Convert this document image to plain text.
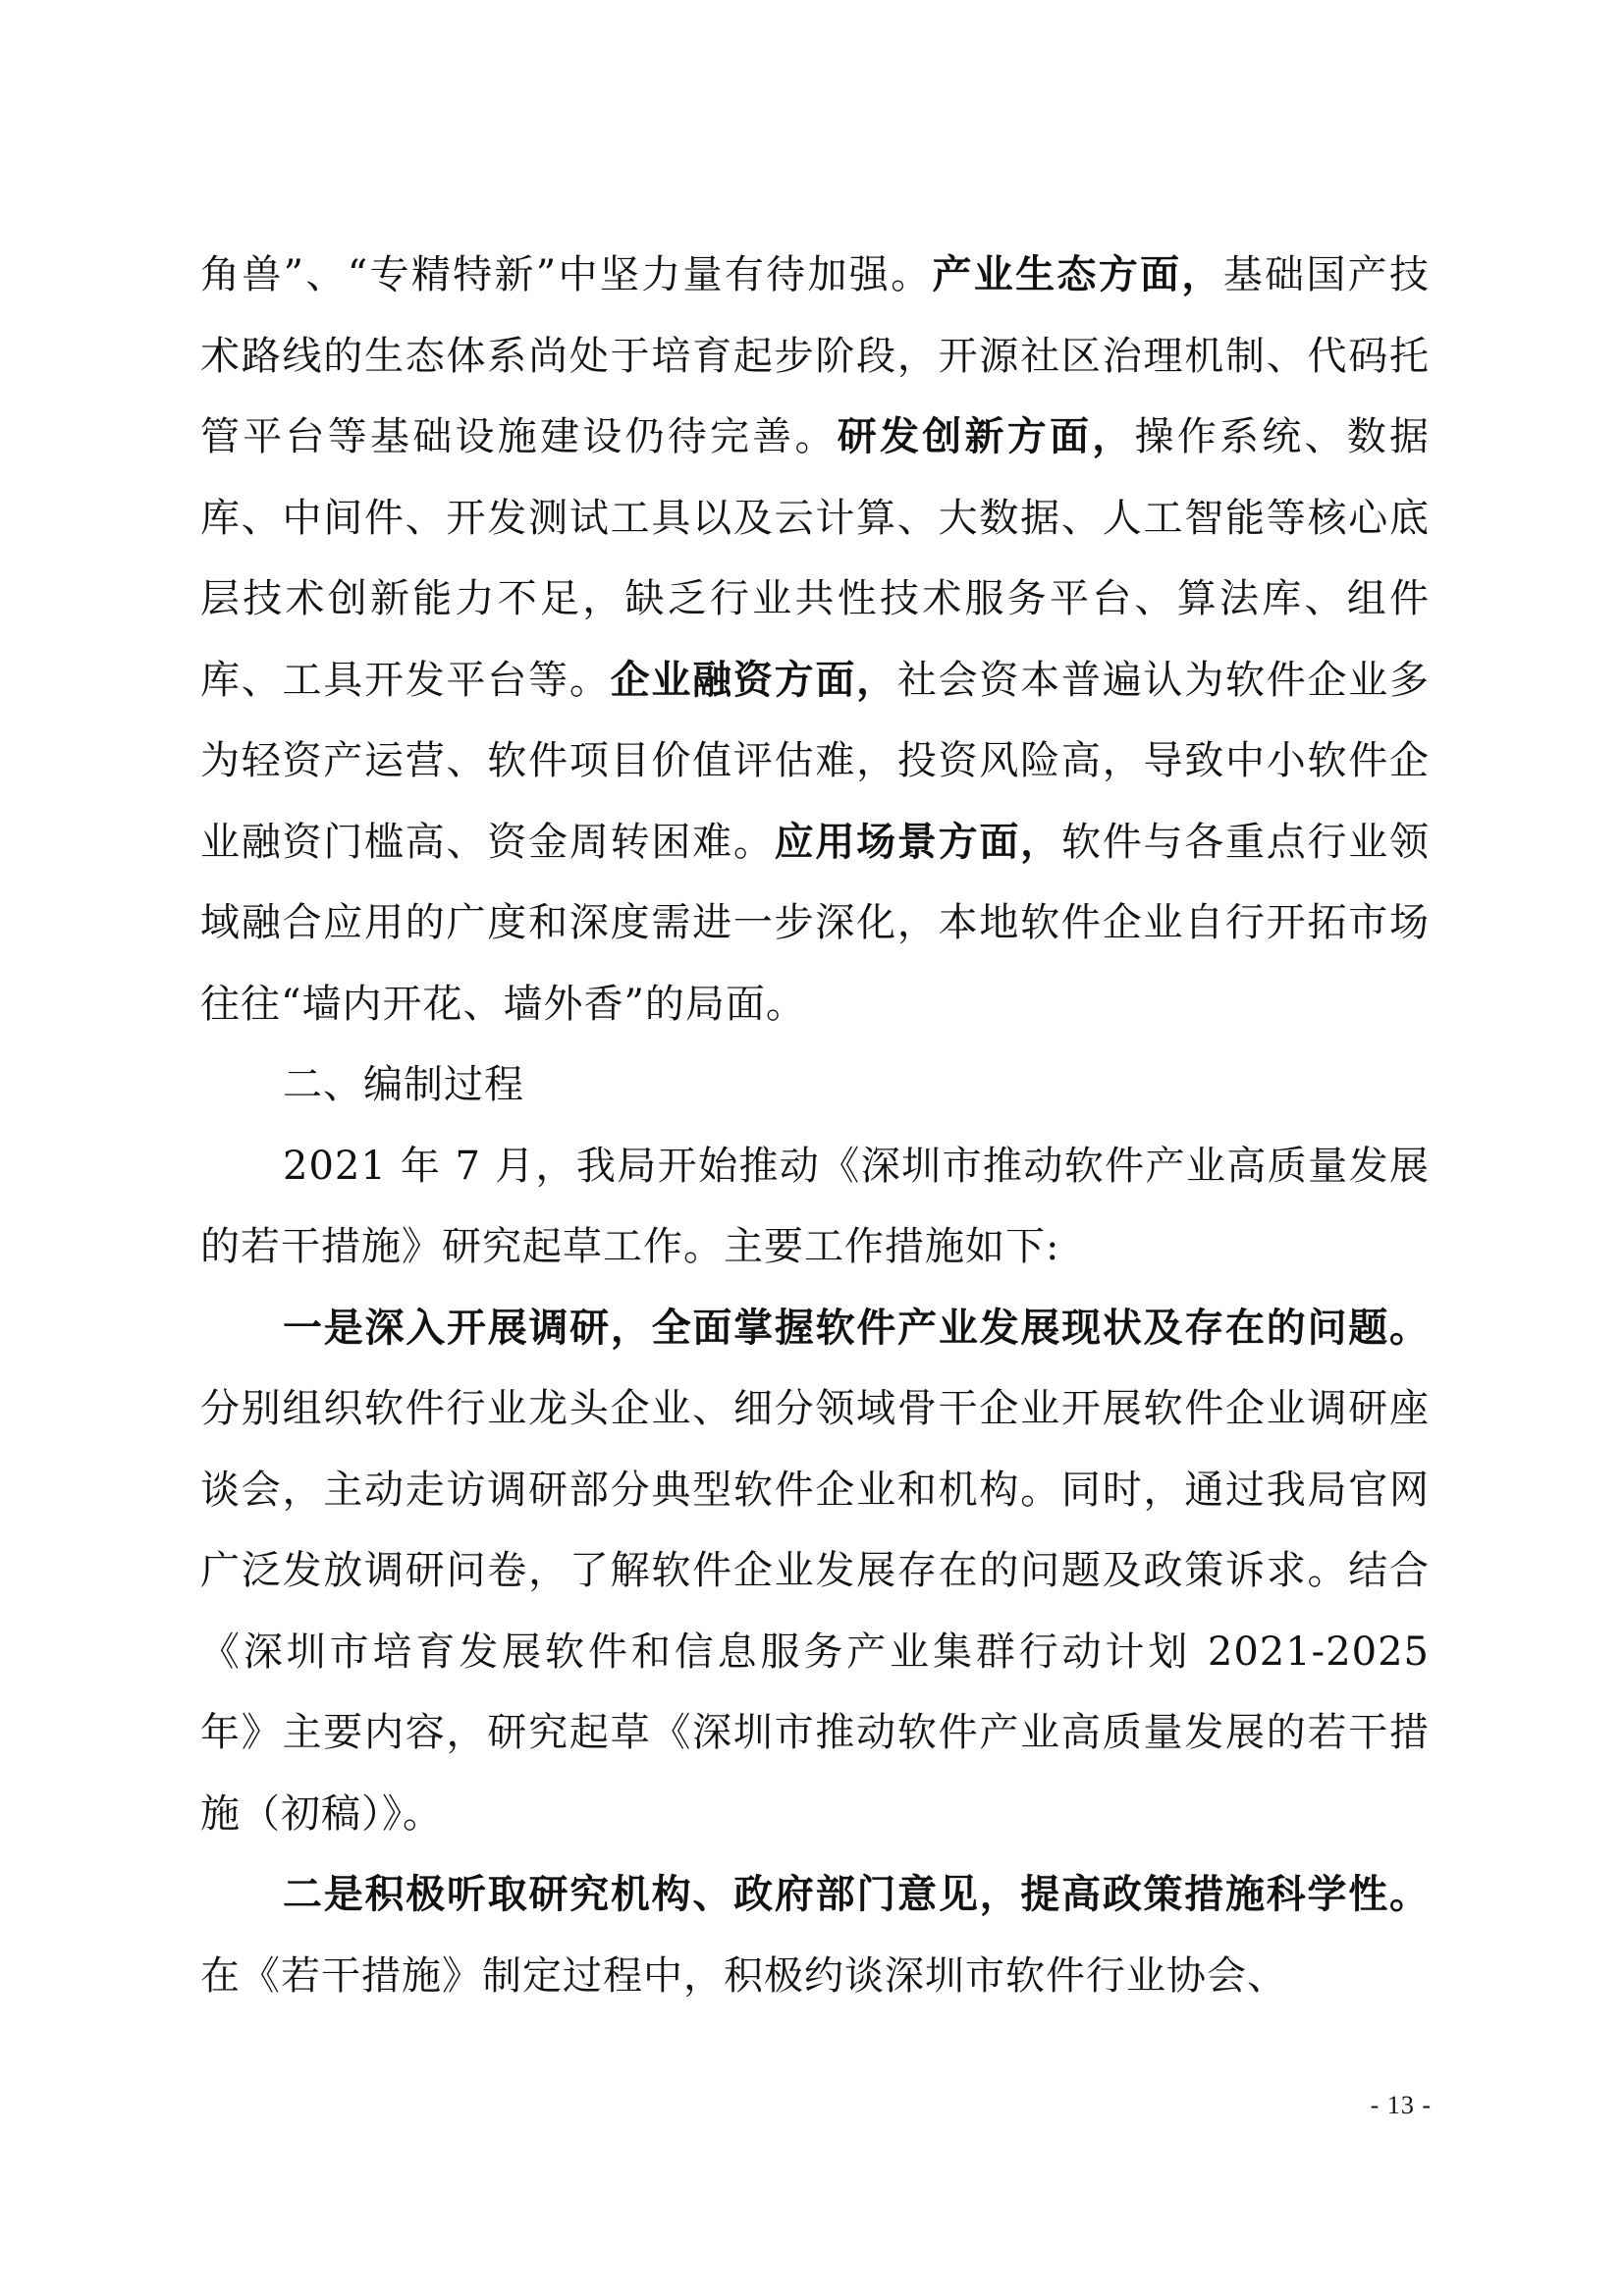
角兽”、“专精特新”中坚力量有待加强。产业生态方面，基础国产技术路线的生态体系尚处于培育起步阶段，开源社区治理机制、代码托管平台等基础设施建设仍待完善。研发创新方面，操作系统、数据库、中间件、开发测试工具以及云计算、大数据、人工智能等核心底层技术创新能力不足，缺乏行业共性技术服务平台、算法库、组件库、工具开发平台等。企业融资方面，社会资本普遍认为软件企业多为轻资产运营、软件项目价值评估难，投资风险高，导致中小软件企业融资门槛高、资金周转困难。应用场景方面，软件与各重点行业领域融合应用的广度和深度需进一步深化，本地软件企业自行开拓市场往往“墙内开花、墙外香”的局面。

二、编制过程

2021 年 7 月，我局开始推动《深圳市推动软件产业高质量发展的若干措施》研究起草工作。主要工作措施如下:

一是深入开展调研，全面掌握软件产业发展现状及存在的问题。分别组织软件行业龙头企业、细分领域骨干企业开展软件企业调研座谈会，主动走访调研部分典型软件企业和机构。同时，通过我局官网广泛发放调研问卷，了解软件企业发展存在的问题及政策诉求。结合《深圳市培育发展软件和信息服务产业集群行动计划 2021-2025 年》主要内容，研究起草《深圳市推动软件产业高质量发展的若干措施（初稿）》。

二是积极听取研究机构、政府部门意见，提高政策措施科学性。在《若干措施》制定过程中，积极约谈深圳市软件行业协会、

- 13 -
